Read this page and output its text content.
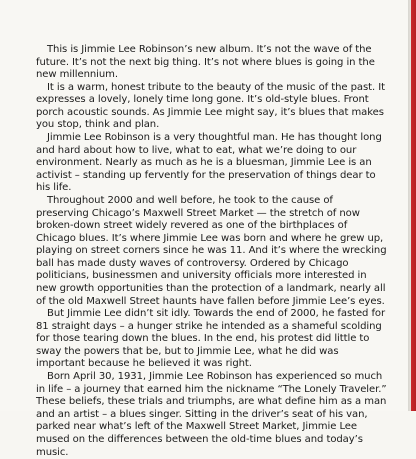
This is Jimmie Lee Robinson’s new album. It’s not the wave of the future. It’s not the next big thing. It’s not where blues is going in the new millennium.

It is a warm, honest tribute to the beauty of the music of the past. It expresses a lovely, lonely time long gone. It’s old-style blues. Front porch acoustic sounds. As Jimmie Lee might say, it’s blues that makes you stop, think and plan.

Jimmie Lee Robinson is a very thoughtful man. He has thought long and hard about how to live, what to eat, what we’re doing to our environment. Nearly as much as he is a bluesman, Jimmie Lee is an activist – standing up fervently for the preservation of things dear to his life.

Throughout 2000 and well before, he took to the cause of preserving Chicago’s Maxwell Street Market — the stretch of now broken-down street widely revered as one of the birthplaces of Chicago blues. It’s where Jimmie Lee was born and where he grew up, playing on street corners since he was 11. And it’s where the wrecking ball has made dusty waves of controversy. Ordered by Chicago politicians, businessmen and university officials more interested in new growth opportunities than the protection of a landmark, nearly all of the old Maxwell Street haunts have fallen before Jimmie Lee’s eyes.

But Jimmie Lee didn’t sit idly. Towards the end of 2000, he fasted for 81 straight days – a hunger strike he intended as a shameful scolding for those tearing down the blues. In the end, his protest did little to sway the powers that be, but to Jimmie Lee, what he did was important because he believed it was right.

Born April 30, 1931, Jimmie Lee Robinson has experienced so much in life – a journey that earned him the nickname “The Lonely Traveler.” These beliefs, these trials and triumphs, are what define him as a man and an artist – a blues singer. Sitting in the driver’s seat of his van, parked near what’s left of the Maxwell Street Market, Jimmie Lee mused on the differences between the old-time blues and today’s music.
